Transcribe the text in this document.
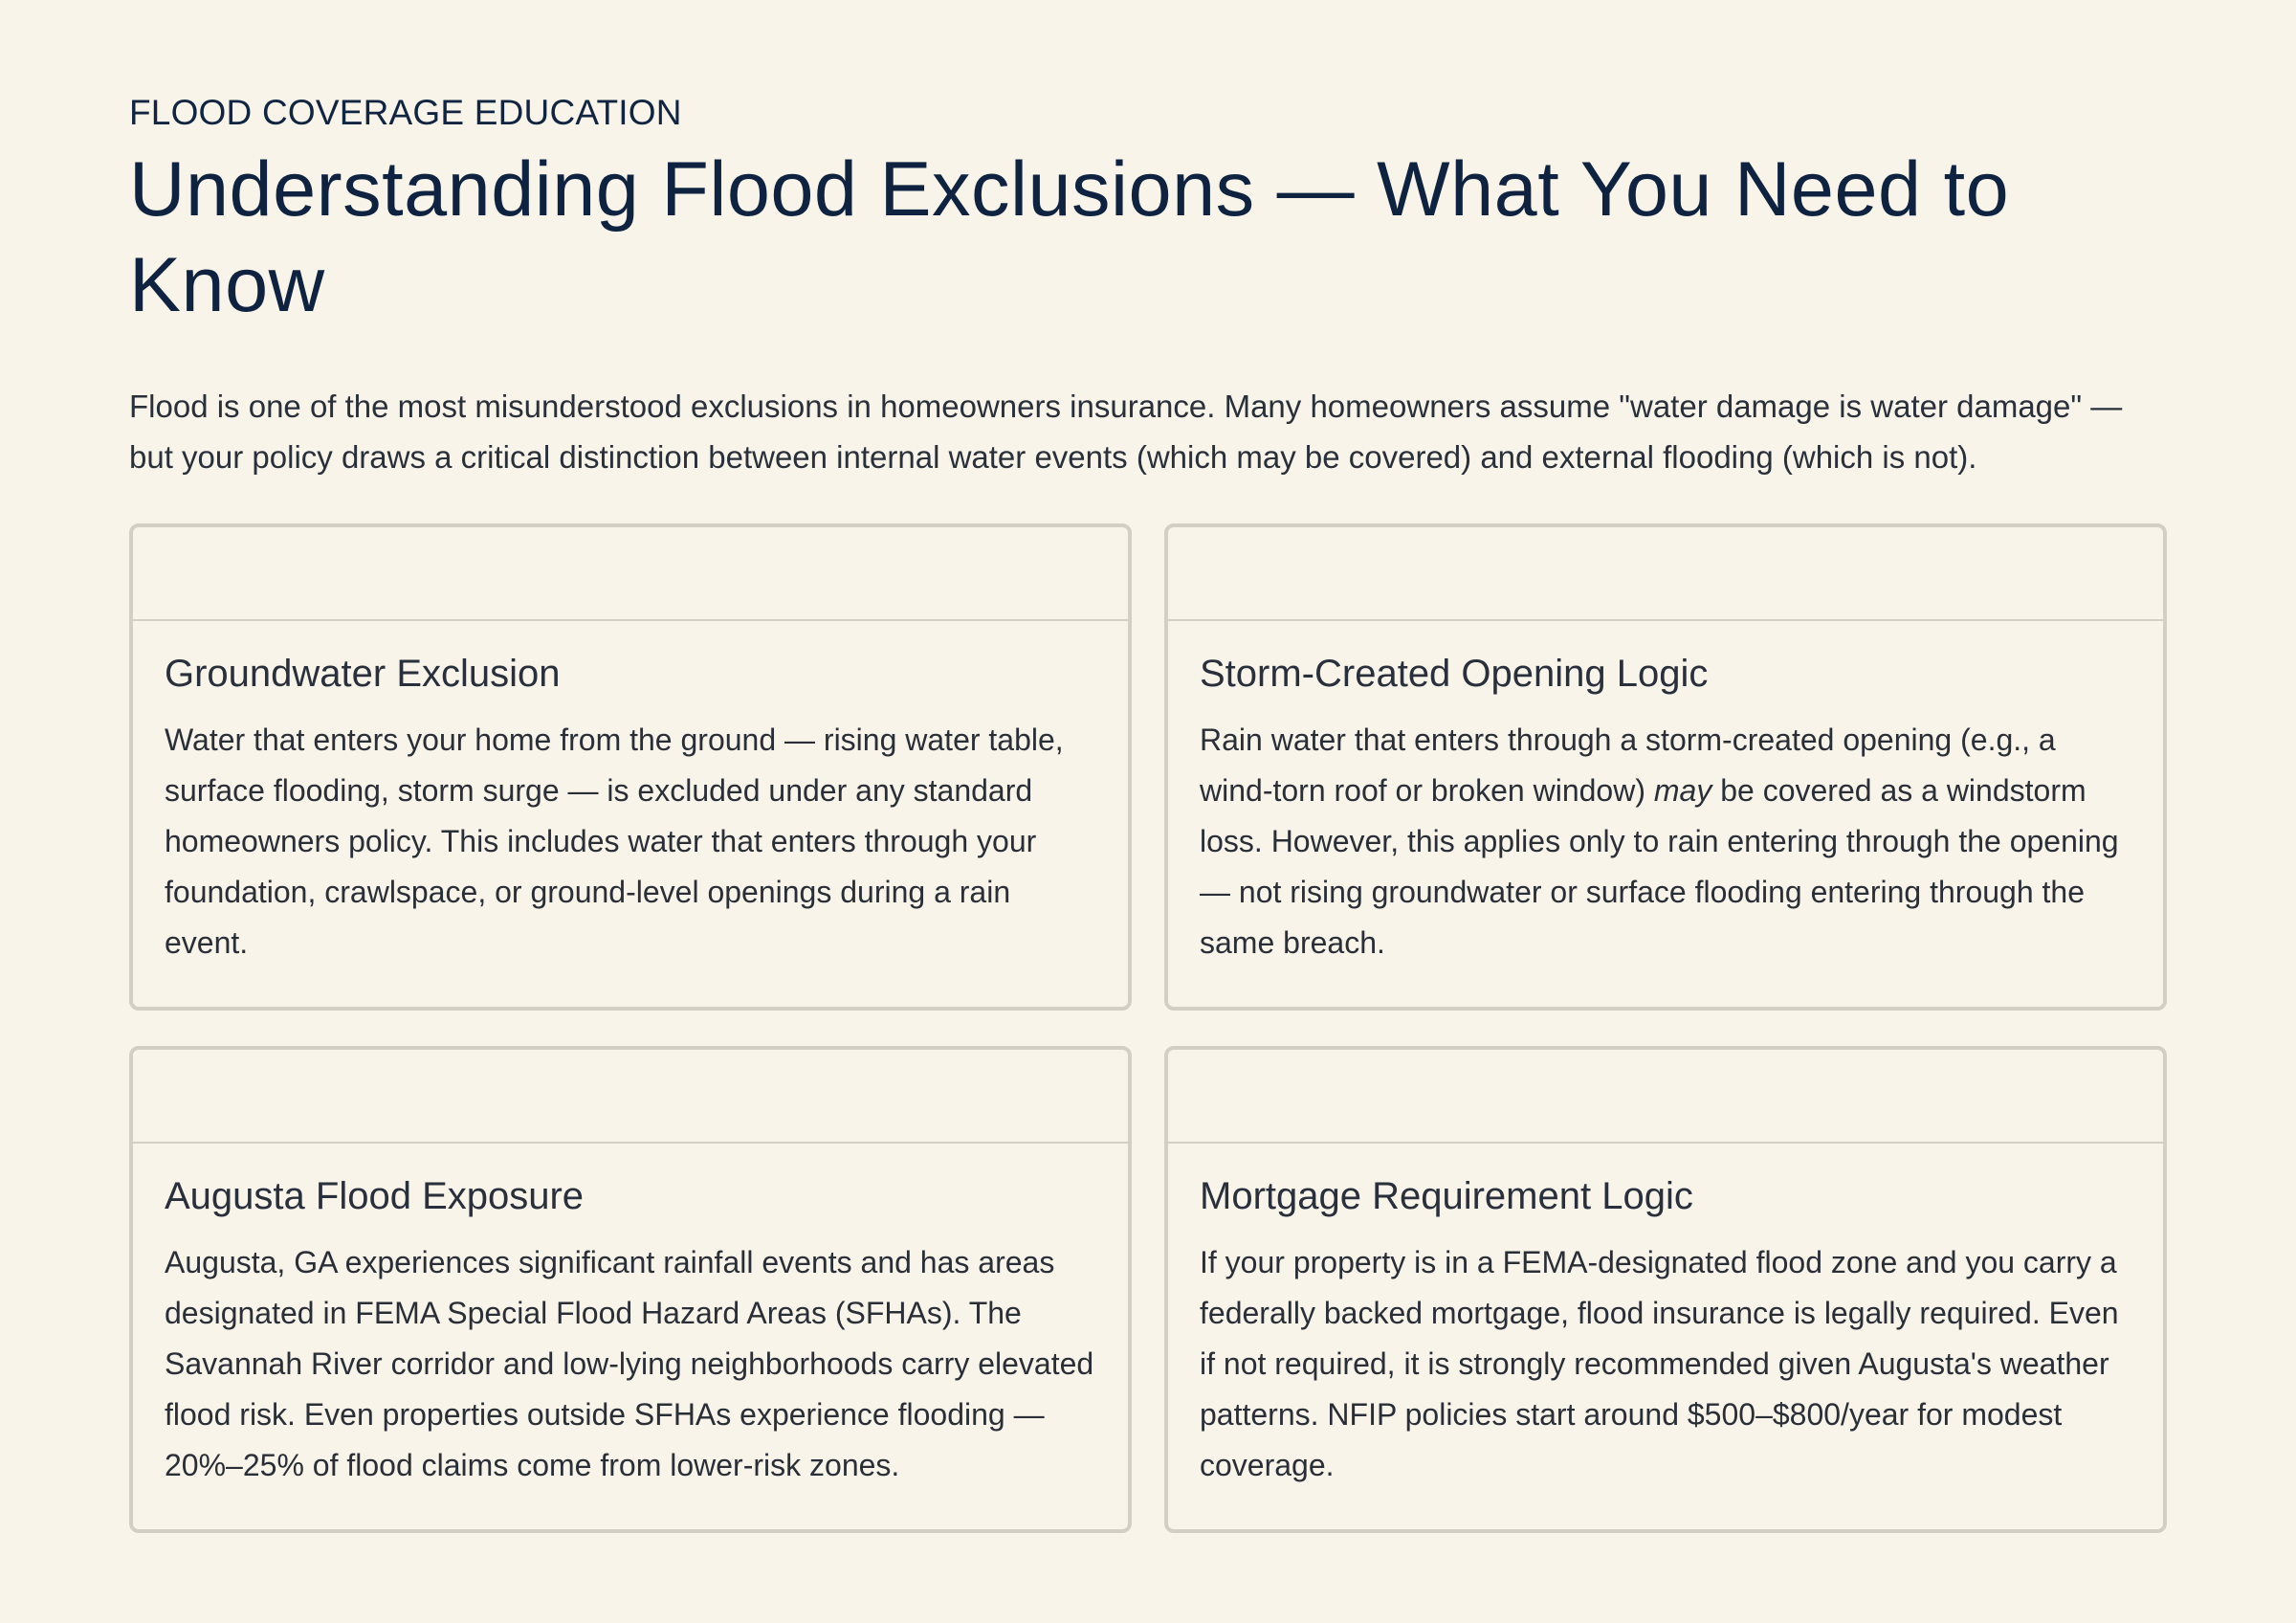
FLOOD COVERAGE EDUCATION

Understanding Flood Exclusions — What You Need to Know

Flood is one of the most misunderstood exclusions in homeowners insurance. Many homeowners assume "water damage is water damage" — but your policy draws a critical distinction between internal water events (which may be covered) and external flooding (which is not).

Groundwater Exclusion

Water that enters your home from the ground — rising water table, surface flooding, storm surge — is excluded under any standard homeowners policy. This includes water that enters through your foundation, crawlspace, or ground-level openings during a rain event.

Storm-Created Opening Logic

Rain water that enters through a storm-created opening (e.g., a wind-torn roof or broken window) may be covered as a windstorm loss. However, this applies only to rain entering through the opening — not rising groundwater or surface flooding entering through the same breach.

Augusta Flood Exposure

Augusta, GA experiences significant rainfall events and has areas designated in FEMA Special Flood Hazard Areas (SFHAs). The Savannah River corridor and low-lying neighborhoods carry elevated flood risk. Even properties outside SFHAs experience flooding — 20%–25% of flood claims come from lower-risk zones.

Mortgage Requirement Logic

If your property is in a FEMA-designated flood zone and you carry a federally backed mortgage, flood insurance is legally required. Even if not required, it is strongly recommended given Augusta's weather patterns. NFIP policies start around $500–$800/year for modest coverage.
